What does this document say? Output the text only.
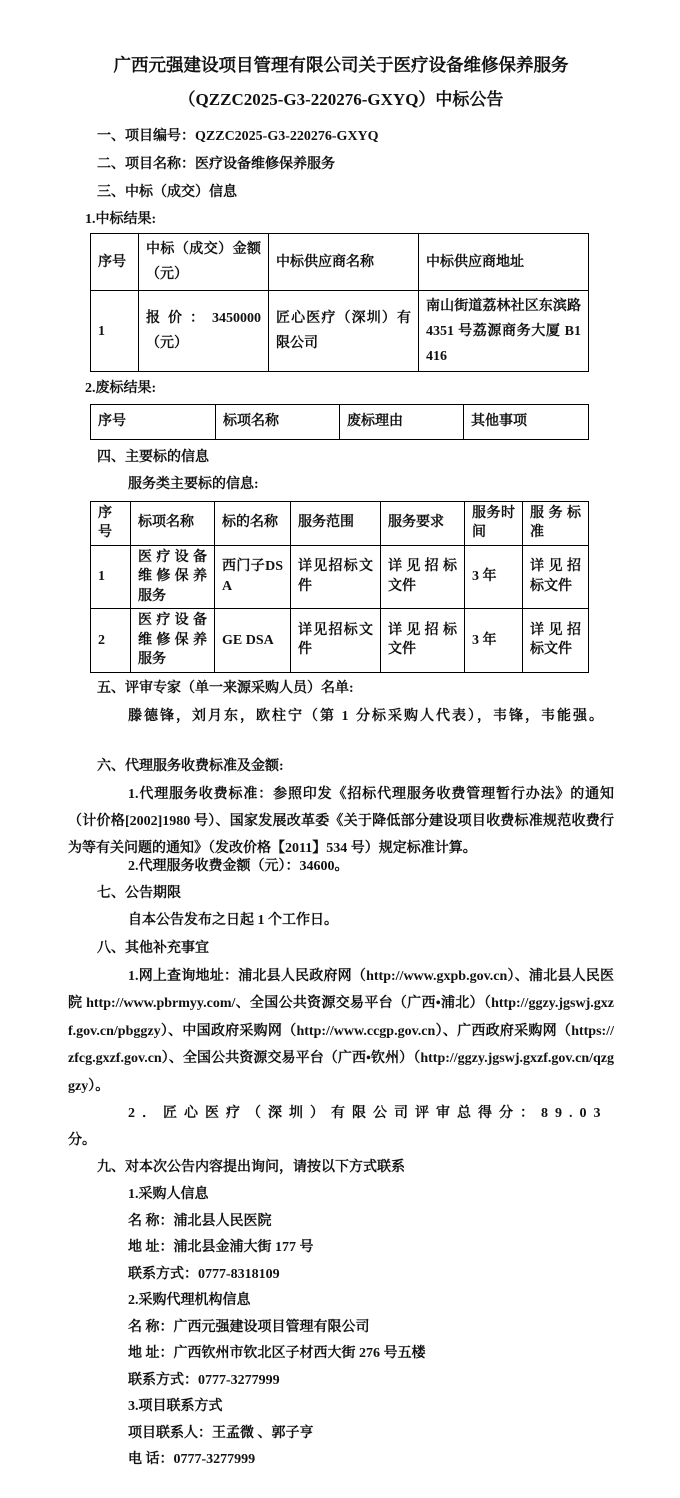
广西元强建设项目管理有限公司关于医疗设备维修保养服务
（QZZC2025-G3-220276-GXYQ）中标公告
一、项目编号：QZZC2025-G3-220276-GXYQ
二、项目名称：医疗设备维修保养服务
三、中标（成交）信息
1.中标结果:
序号	中标（成交）金额（元）	中标供应商名称	中标供应商地址
1	报价：3450000（元）	匠心医疗（深圳）有限公司	南山街道荔林社区东滨路4351 号荔源商务大厦 B1416
2.废标结果:
序号	标项名称	废标理由	其他事项
四、主要标的信息
服务类主要标的信息:
序号	标项名称	标的名称	服务范围	服务要求	服务时间	服务标准
1	医疗设备维修保养服务	西门子DSA	详见招标文件	详见招标文件	3 年	详见招标文件
2	医疗设备维修保养服务	GE DSA	详见招标文件	详见招标文件	3 年	详见招标文件
五、评审专家（单一来源采购人员）名单:
滕德锋，刘月东，欧柱宁（第 1 分标采购人代表），韦锋，韦能强。
六、代理服务收费标准及金额:
1.代理服务收费标准：参照印发《招标代理服务收费管理暂行办法》的通知（计价格[2002]1980 号）、国家发展改革委《关于降低部分建设项目收费标准规范收费行为等有关问题的通知》（发改价格【2011】534 号）规定标准计算。
2.代理服务收费金额（元）：34600。
七、公告期限
自本公告发布之日起 1 个工作日。
八、其他补充事宜
1.网上查询地址：浦北县人民政府网（http://www.gxpb.gov.cn）、浦北县人民医院 http://www.pbrmyy.com/、全国公共资源交易平台（广西•浦北）（http://ggzy.jgswj.gxzf.gov.cn/pbggzy）、中国政府采购网（http://www.ccgp.gov.cn）、广西政府采购网（https://zfcg.gxzf.gov.cn）、全国公共资源交易平台（广西•钦州）（http://ggzy.jgswj.gxzf.gov.cn/qzggzy）。
2．匠心医疗（深圳）有限公司评审总得分：89.03
分。
九、对本次公告内容提出询问，请按以下方式联系
1.采购人信息
名 称：浦北县人民医院
地 址：浦北县金浦大街 177 号
联系方式：0777-8318109
2.采购代理机构信息
名 称：广西元强建设项目管理有限公司
地 址：广西钦州市钦北区子材西大街 276 号五楼
联系方式：0777-3277999
3.项目联系方式
项目联系人：王孟微 、郭子亨
电 话：0777-3277999
